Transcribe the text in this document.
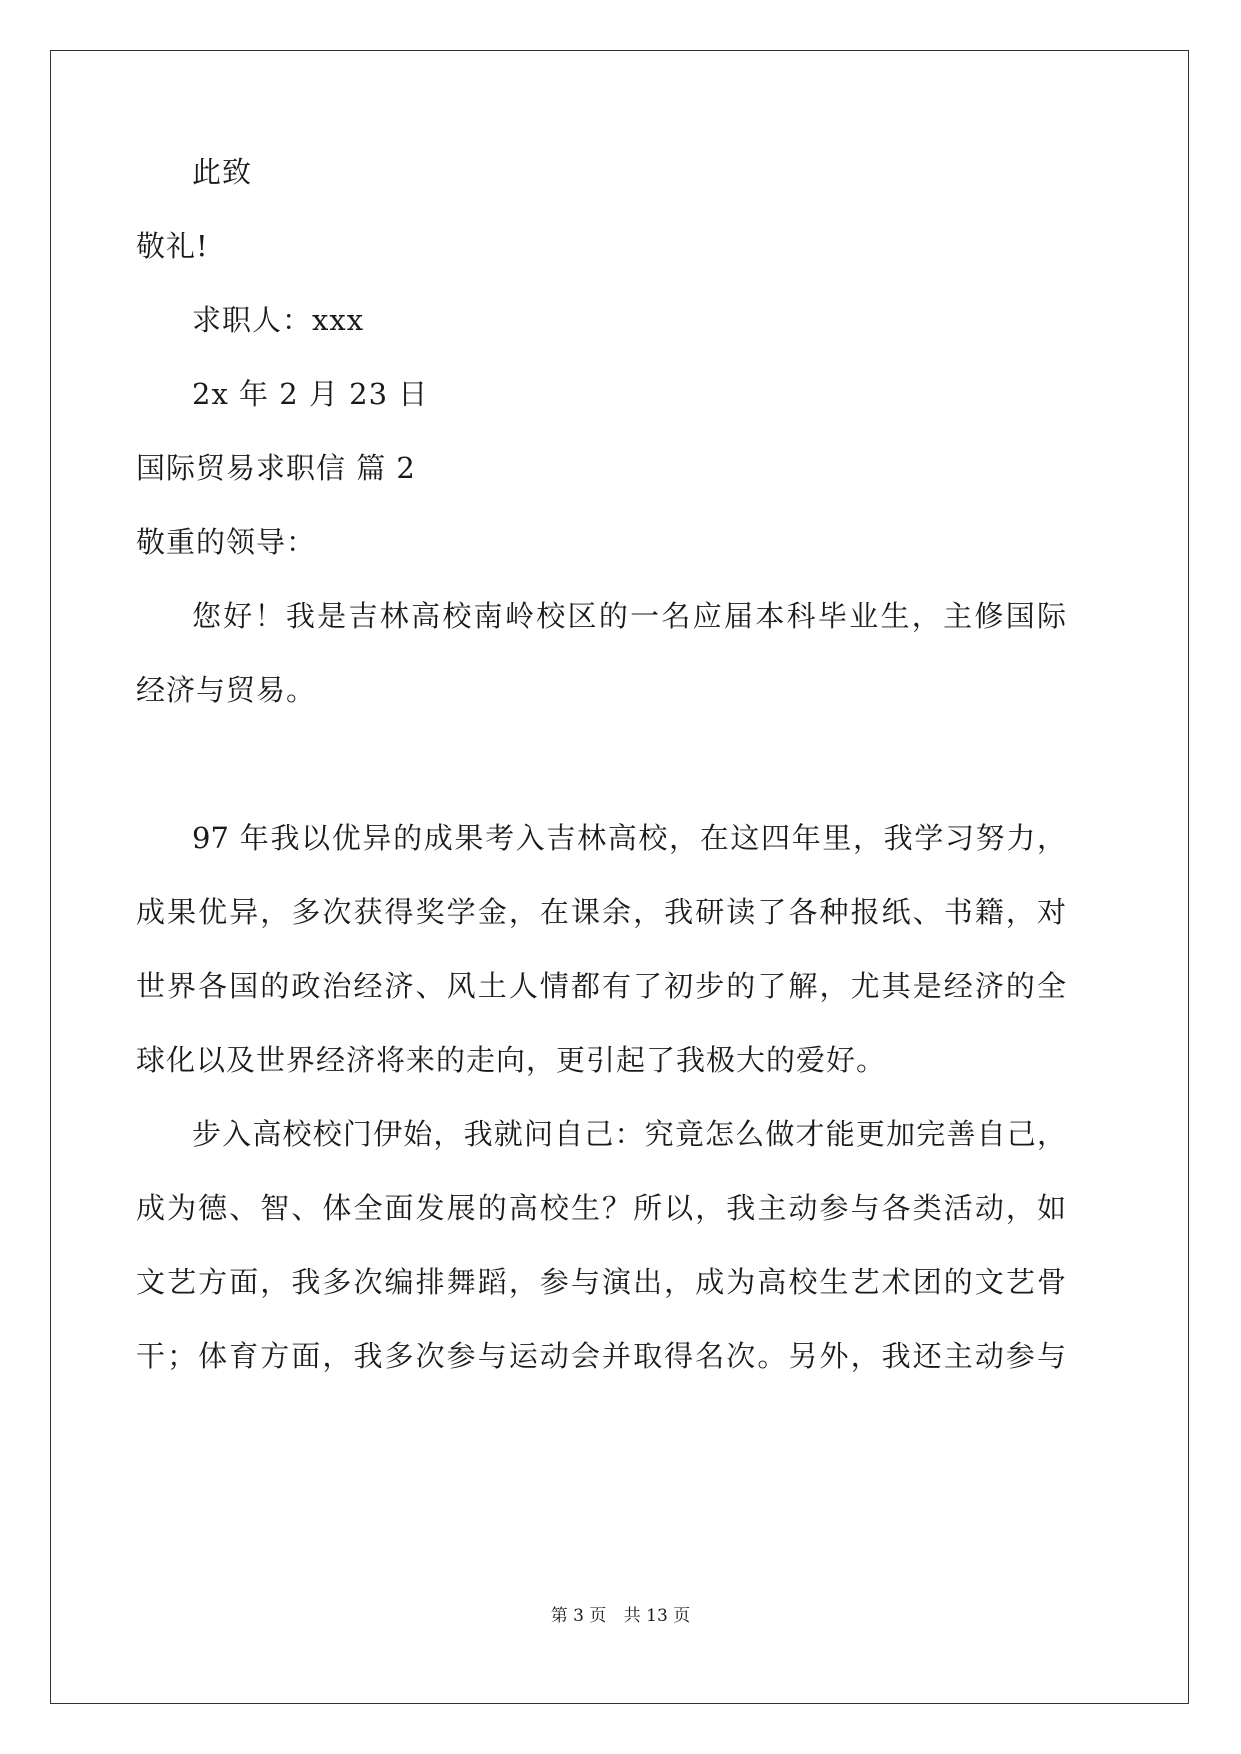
此致
敬礼!
求职人：xxx
2x 年 2 月 23 日
国际贸易求职信 篇 2
敬重的领导：
您好！我是吉林高校南岭校区的一名应届本科毕业生，主修国际
经济与贸易。
97 年我以优异的成果考入吉林高校，在这四年里，我学习努力，
成果优异，多次获得奖学金，在课余，我研读了各种报纸、书籍，对
世界各国的政治经济、风土人情都有了初步的了解，尤其是经济的全
球化以及世界经济将来的走向，更引起了我极大的爱好。
步入高校校门伊始，我就问自己：究竟怎么做才能更加完善自己，
成为德、智、体全面发展的高校生？所以，我主动参与各类活动，如
文艺方面，我多次编排舞蹈，参与演出，成为高校生艺术团的文艺骨
干；体育方面，我多次参与运动会并取得名次。另外，我还主动参与
第 3 页 共 13 页
